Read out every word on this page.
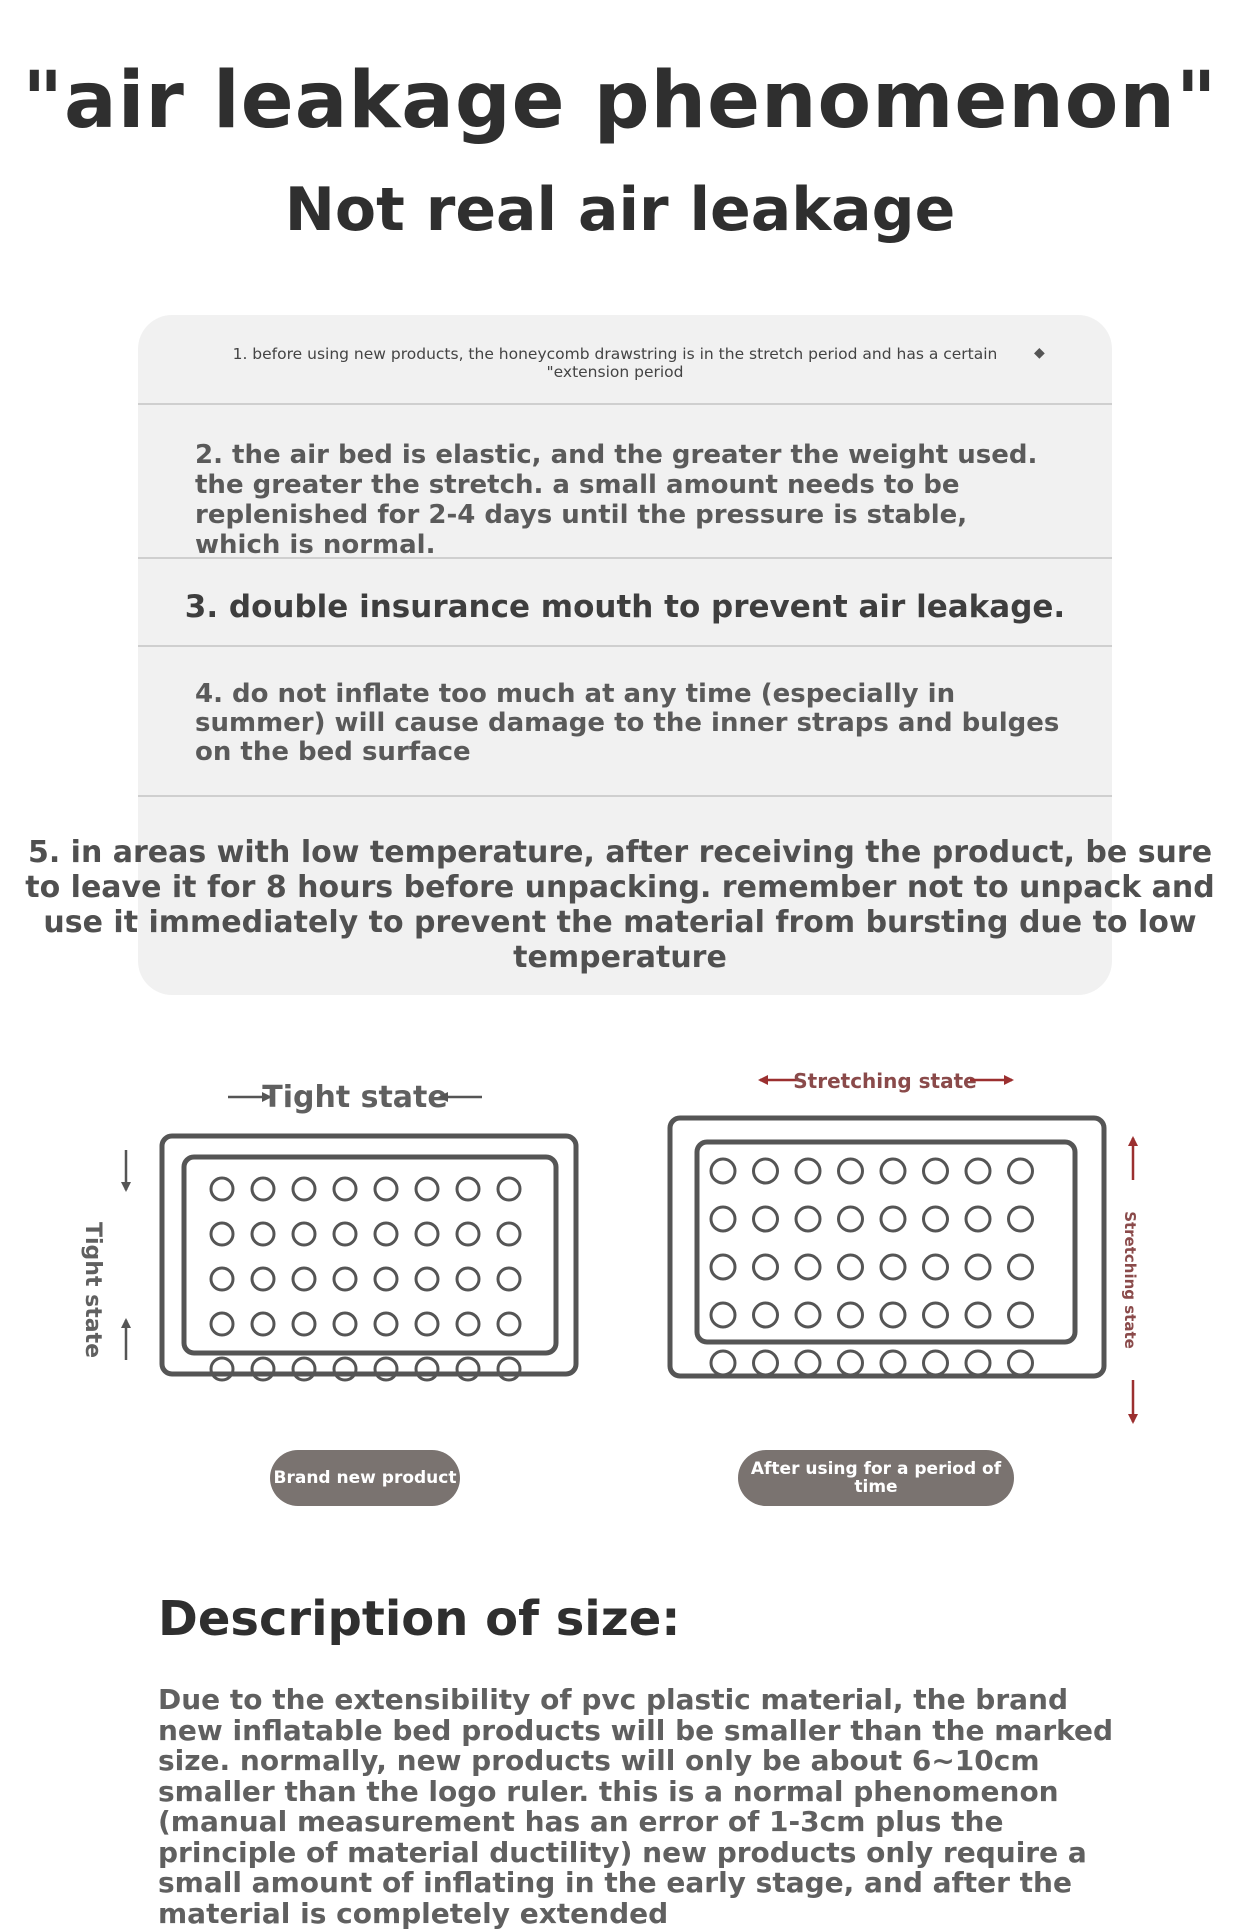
"air leakage phenomenon"
Not real air leakage
1. before using new products, the honeycomb drawstring is in the stretch period and has a certain "extension period
◆
2. the air bed is elastic, and the greater the weight used. the greater the stretch. a small amount needs to be replenished for 2-4 days until the pressure is stable, which is normal.
3. double insurance mouth to prevent air leakage.
4. do not inflate too much at any time (especially in summer) will cause damage to the inner straps and bulges on the bed surface
5. in areas with low temperature, after receiving the product, be sure to leave it for 8 hours before unpacking. remember not to unpack and use it immediately to prevent the material from bursting due to low temperature
Tight state	Stretching state
Stretching state
Tight state
Brand new product	After using for a period of time
Description of size:
Due to the extensibility of pvc plastic material, the brand new inflatable bed products will be smaller than the marked size. normally, new products will only be about 6~10cm smaller than the logo ruler. this is a normal phenomenon (manual measurement has an error of 1-3cm plus the principle of material ductility) new products only require a small amount of inflating in the early stage, and after the material is completely extended
